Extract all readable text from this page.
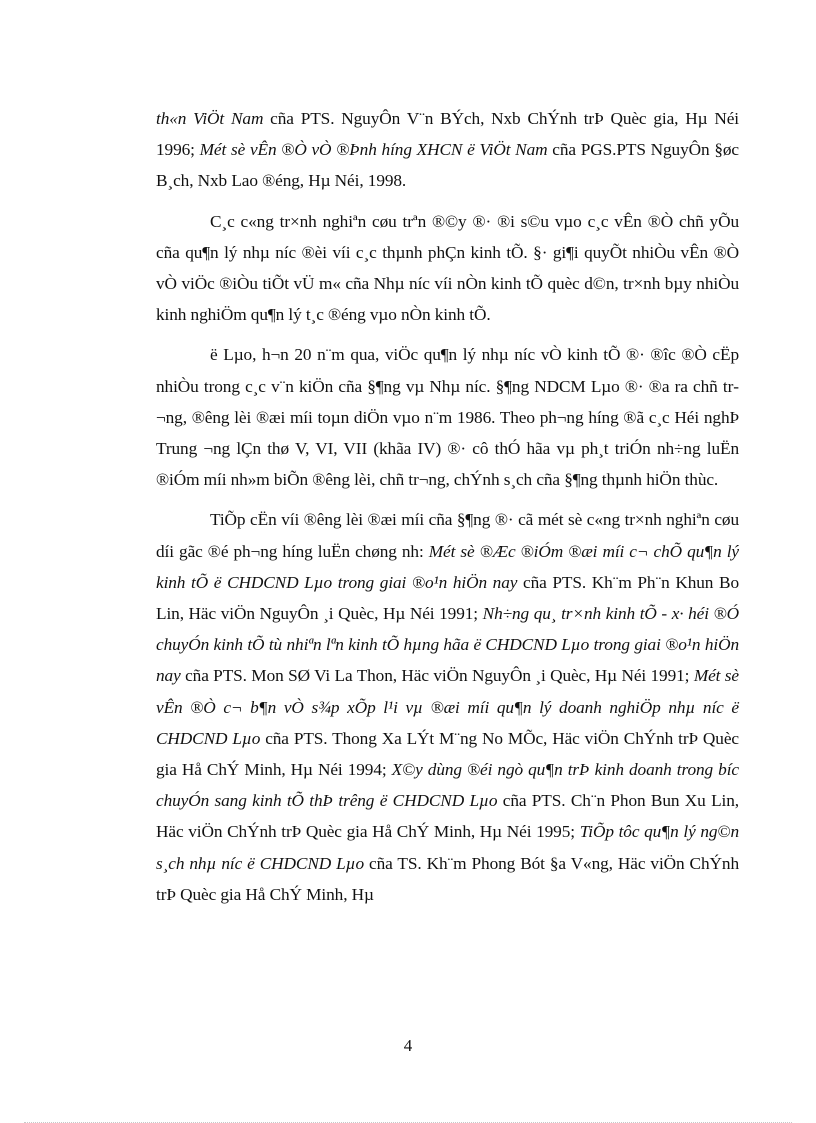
th«n ViÖt Nam cña PTS. NguyÔn V¨n BÝch, Nxb ChÝnh trÞ Quèc gia, Hµ Néi 1996; Mét sè vÊn ®Ò vÒ ®Þnh híng XHCN ë ViÖt Nam cña PGS.PTS NguyÔn §øc B¸ch, Nxb Lao ®éng, Hµ Néi, 1998.

C¸c c«ng tr×nh nghiªn cøu trªn ®©y ®· ®i s©u vµo c¸c vÊn ®Ò chñ yÕu cña qu¶n lý nhµ níc ®èi víi c¸c thµnh phÇn kinh tÕ. §· gi¶i quyÕt nhiÒu vÊn ®Ò vÒ viÖc ®iÒu tiÕt vÜ m« cña Nhµ níc víi nÒn kinh tÕ quèc d©n, tr×nh bµy nhiÒu kinh nghiÖm qu¶n lý t¸c ®éng vµo nÒn kinh tÕ.

ë Lµo, h¬n 20 n¨m qua, viÖc qu¶n lý nhµ níc vÒ kinh tÕ ®· ®îc ®Ò cËp nhiÒu trong c¸c v¨n kiÖn cña §¶ng vµ Nhµ níc. §¶ng NDCM Lµo ®· ®a ra chñ tr¬ng, ®êng lèi ®æi míi toµn diÖn vµo n¨m 1986. Theo ph¬ng híng ®ã c¸c Héi nghÞ Trung ¬ng lÇn thø V, VI, VII (khãa IV) ®· cô thÓ hãa vµ ph¸t triÓn nh÷ng luËn ®iÓm míi nh»m biÕn ®êng lèi, chñ tr¬ng, chÝnh s¸ch cña §¶ng thµnh hiÖn thùc.

TiÕp cËn víi ®êng lèi ®æi míi cña §¶ng ®· cã mét sè c«ng tr×nh nghiªn cøu díi gãc ®é ph¬ng híng luËn chøng nh: Mét sè ®Æc ®iÓm ®æi míi c¬ chÕ qu¶n lý kinh tÕ ë CHDCND Lµo trong giai ®o¹n hiÖn nay cña PTS. Kh¨m Ph¨n Khun Bo Lin, Häc viÖn NguyÔn ¸i Quèc, Hµ Néi 1991; Nh÷ng qu¸ tr×nh kinh tÕ - x· héi ®Ó chuyÓn kinh tÕ tù nhiªn lªn kinh tÕ hµng hãa ë CHDCND Lµo trong giai ®o¹n hiÖn nay cña PTS. Mon SØ Vi La Thon, Häc viÖn NguyÔn ¸i Quèc, Hµ Néi 1991; Mét sè vÊn ®Ò c¬ b¶n vÒ s¾p xÕp l¹i vµ ®æi míi qu¶n lý doanh nghiÖp nhµ níc ë CHDCND Lµo cña PTS. Thong Xa LÝt M¨ng No MÕc, Häc viÖn ChÝnh trÞ Quèc gia Hå ChÝ Minh, Hµ Néi 1994; X©y dùng ®éi ngò qu¶n trÞ kinh doanh trong bíc chuyÓn sang kinh tÕ thÞ trêng ë CHDCND Lµo cña PTS. Ch¨n Phon Bun Xu Lin, Häc viÖn ChÝnh trÞ Quèc gia Hå ChÝ Minh, Hµ Néi 1995; TiÕp tôc qu¶n lý ng©n s¸ch nhµ níc ë CHDCND Lµo cña TS. Kh¨m Phong Bót §a V«ng, Häc viÖn ChÝnh trÞ Quèc gia Hå ChÝ Minh, Hµ

4
